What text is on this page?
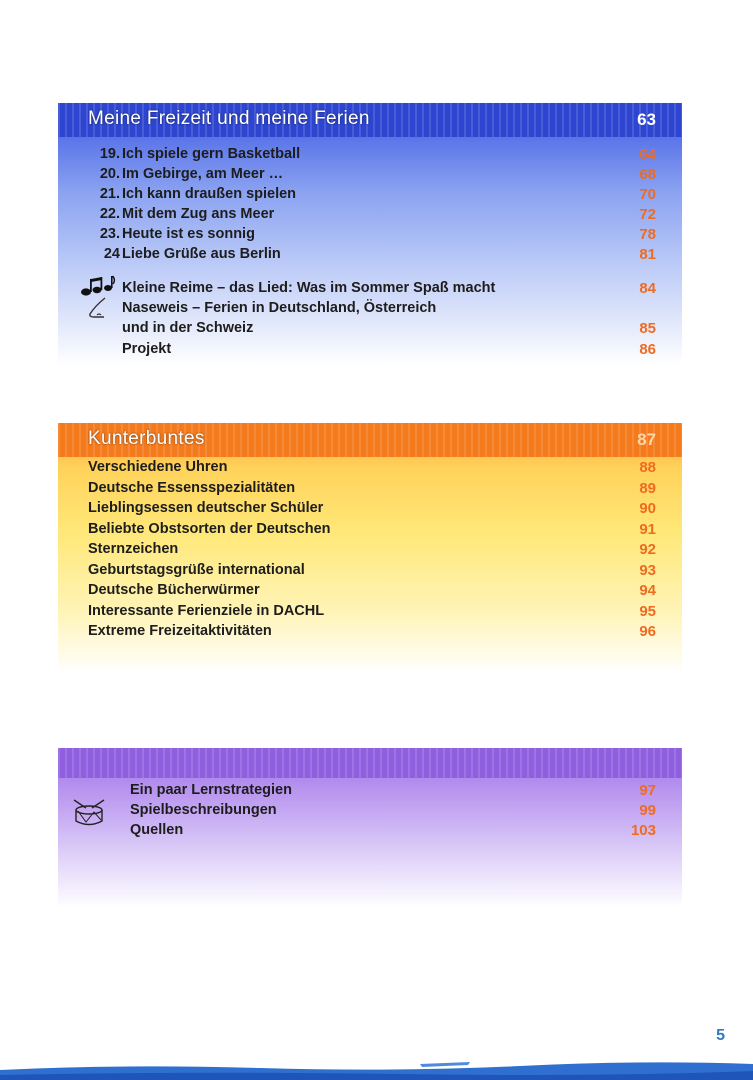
Meine Freizeit und meine Ferien	63
19. Ich spiele gern Basketball	64
20. Im Gebirge, am Meer …	68
21. Ich kann draußen spielen	70
22. Mit dem Zug ans Meer	72
23. Heute ist es sonnig	78
24 Liebe Grüße aus Berlin	81
Kleine Reime – das Lied: Was im Sommer Spaß macht	84
Naseweis – Ferien in Deutschland, Österreich
und in der Schweiz	85
Projekt	86
Kunterbuntes	87
Verschiedene Uhren	88
Deutsche Essensspezialitäten	89
Lieblingsessen deutscher Schüler	90
Beliebte Obstsorten der Deutschen	91
Sternzeichen	92
Geburtstagsgrüße international	93
Deutsche Bücherwürmer	94
Interessante Ferienziele in DACHL	95
Extreme Freizeitaktivitäten	96
Ein paar Lernstrategien	97
Spielbeschreibungen	99
Quellen	103
5
